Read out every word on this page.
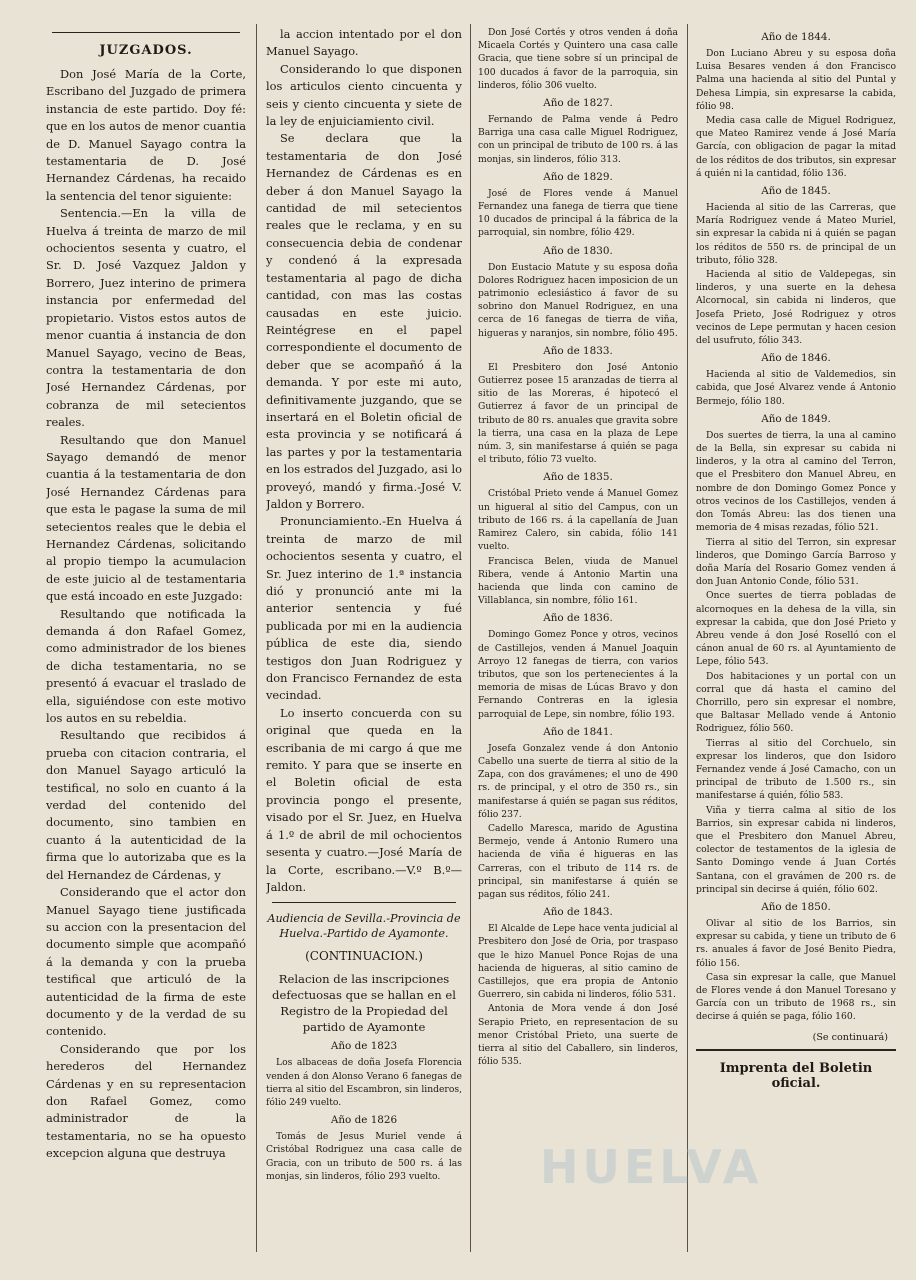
JUZGADOS.

Don José María de la Corte, Escribano del Juzgado de primera instancia de este partido. Doy fé: que en los autos de menor cuantia de D. Manuel Sayago contra la testamentaria de D. José Hernandez Cárdenas, ha recaido la sentencia del tenor siguiente:

Sentencia.—En la villa de Huelva á treinta de marzo de mil ochocientos sesenta y cuatro, el Sr. D. José Vazquez Jaldon y Borrero, Juez interino de primera instancia por enfermedad del propietario. Vistos estos autos de menor cuantia á instancia de don Manuel Sayago, vecino de Beas, contra la testamentaria de don José Hernandez Cárdenas, por cobranza de mil setecientos reales.

Resultando que don Manuel Sayago demandó de menor cuantia á la testamentaria de don José Hernandez Cárdenas para que esta le pagase la suma de mil setecientos reales que le debia el Hernandez Cárdenas, solicitando al propio tiempo la acumulacion de este juicio al de testamentaria que está incoado en este Juzgado:

Resultando que notificada la demanda á don Rafael Gomez, como administrador de los bienes de dicha testamentaria, no se presentó á evacuar el traslado de ella, siguiéndose con este motivo los autos en su rebeldia.

Resultando que recibidos á prueba con citacion contraria, el don Manuel Sayago articuló la testifical, no solo en cuanto á la verdad del contenido del documento, sino tambien en cuanto á la autenticidad de la firma que lo autorizaba que es la del Hernandez de Cárdenas, y

Considerando que el actor don Manuel Sayago tiene justificada su accion con la presentacion del documento simple que acompañó á la demanda y con la prueba testifical que articuló de la autenticidad de la firma de este documento y de la verdad de su contenido.

Considerando que por los herederos del Hernandez Cárdenas y en su representacion don Rafael Gomez, como administrador de la testamentaria, no se ha opuesto excepcion alguna que destruya

la accion intentado por el don Manuel Sayago.

Considerando lo que disponen los articulos ciento cincuenta y seis y ciento cincuenta y siete de la ley de enjuiciamiento civil.

Se declara que la testamentaria de don José Hernandez de Cárdenas es en deber á don Manuel Sayago la cantidad de mil setecientos reales que le reclama, y en su consecuencia debia de condenar y condenó á la expresada testamentaria al pago de dicha cantidad, con mas las costas causadas en este juicio. Reintégrese en el papel correspondiente el documento de deber que se acompañó á la demanda. Y por este mi auto, definitivamente juzgando, que se insertará en el Boletin oficial de esta provincia y se notificará á las partes y por la testamentaria en los estrados del Juzgado, asi lo proveyó, mandó y firma.-José V. Jaldon y Borrero.

Pronunciamiento.-En Huelva á treinta de marzo de mil ochocientos sesenta y cuatro, el Sr. Juez interino de 1.ª instancia dió y pronunció ante mi la anterior sentencia y fué publicada por mi en la audiencia pública de este dia, siendo testigos don Juan Rodriguez y don Francisco Fernandez de esta vecindad.

Lo inserto concuerda con su original que queda en la escribania de mi cargo á que me remito. Y para que se inserte en el Boletin oficial de esta provincia pongo el presente, visado por el Sr. Juez, en Huelva á 1.º de abril de mil ochocientos sesenta y cuatro.—José María de la Corte, escribano.—V.º B.º—Jaldon.

Audiencia de Sevilla.-Provincia de Huelva.-Partido de Ayamonte.
(CONTINUACION.)

Relacion de las inscripciones defectuosas que se hallan en el Registro de la Propiedad del partido de Ayamonte

Año de 1823

Los albaceas de doña Josefa Florencia venden á don Alonso Verano 6 fanegas de tierra al sitio del Escambron, sin linderos, fólio 249 vuelto.

Año de 1826

Tomás de Jesus Muriel vende á Cristóbal Rodriguez una casa calle de Gracia, con un tributo de 500 rs. á las monjas, sin linderos, fólio 293 vuelto.

Don José Cortés y otros venden á doña Micaela Cortés y Quintero una casa calle Gracia, que tiene sobre sí un principal de 100 ducados á favor de la parroquia, sin linderos, fólio 306 vuelto.

Año de 1827.

Fernando de Palma vende á Pedro Barriga una casa calle Miguel Rodriguez, con un principal de tributo de 100 rs. á las monjas, sin linderos, fólio 313.

Año de 1829.

José de Flores vende á Manuel Fernandez una fanega de tierra que tiene 10 ducados de principal á la fábrica de la parroquial, sin nombre, fólio 429.

Año de 1830.

Don Eustacio Matute y su esposa doña Dolores Rodriguez hacen imposicion de un patrimonio eclesiástico á favor de su sobrino don Manuel Rodriguez, en una cerca de 16 fanegas de tierra de viña, higueras y naranjos, sin nombre, fólio 495.

Año de 1833.

El Presbitero don José Antonio Gutierrez posee 15 aranzadas de tierra al sitio de las Moreras, é hipotecó el Gutierrez á favor de un principal de tributo de 80 rs. anuales que gravita sobre la tierra, una casa en la plaza de Lepe núm. 3, sin manifestarse á quién se paga el tributo, fólio 73 vuelto.

Año de 1835.

Cristóbal Prieto vende á Manuel Gomez un higueral al sitio del Campus, con un tributo de 166 rs. á la capellanía de Juan Ramirez Calero, sin cabida, fólio 141 vuelto.

Francisca Belen, viuda de Manuel Ribera, vende á Antonio Martin una hacienda que linda con camino de Villablanca, sin nombre, fólio 161.

Año de 1836.

Domingo Gomez Ponce y otros, vecinos de Castillejos, venden á Manuel Joaquin Arroyo 12 fanegas de tierra, con varios tributos, que son los pertenecientes á la memoria de misas de Lúcas Bravo y don Fernando Contreras en la iglesia parroquial de Lepe, sin nombre, fólio 193.

Año de 1841.

Josefa Gonzalez vende á don Antonio Cabello una suerte de tierra al sitio de la Zapa, con dos gravámenes; el uno de 490 rs. de principal, y el otro de 350 rs., sin manifestarse á quién se pagan sus réditos, fólio 237.

Cadello Maresca, marido de Agustina Bermejo, vende á Antonio Rumero una hacienda de viña é higueras en las Carreras, con el tributo de 114 rs. de principal, sin manifestarse á quién se pagan sus réditos, fólio 241.

Año de 1843.

El Alcalde de Lepe hace venta judicial al Presbitero don José de Oria, por traspaso que le hizo Manuel Ponce Rojas de una hacienda de higueras, al sitio camino de Castillejos, que era propia de Antonio Guerrero, sin cabida ni linderos, fólio 531.

Antonia de Mora vende á don José Serapio Prieto, en representacion de su menor Cristóbal Prieto, una suerte de tierra al sitio del Caballero, sin linderos, fólio 535.

Año de 1844.

Don Luciano Abreu y su esposa doña Luisa Besares venden á don Francisco Palma una hacienda al sitio del Puntal y Dehesa Limpia, sin expresarse la cabida, fólio 98.

Media casa calle de Miguel Rodriguez, que Mateo Ramirez vende á José María García, con obligacion de pagar la mitad de los réditos de dos tributos, sin expresar á quién ni la cantidad, fólio 136.

Año de 1845.

Hacienda al sitio de las Carreras, que María Rodriguez vende á Mateo Muriel, sin expresar la cabida ni á quién se pagan los réditos de 550 rs. de principal de un tributo, fólio 328.

Hacienda al sitio de Valdepegas, sin linderos, y una suerte en la dehesa Alcornocal, sin cabida ni linderos, que Josefa Prieto, José Rodriguez y otros vecinos de Lepe permutan y hacen cesion del usufruto, fólio 343.

Año de 1846.

Hacienda al sitio de Valdemedios, sin cabida, que José Alvarez vende á Antonio Bermejo, fólio 180.

Año de 1849.

Dos suertes de tierra, la una al camino de la Bella, sin expresar su cabida ni linderos, y la otra al camino del Terron, que el Presbitero don Manuel Abreu, en nombre de don Domingo Gomez Ponce y otros vecinos de los Castillejos, venden á don Tomás Abreu: las dos tienen una memoria de 4 misas rezadas, fólio 521.

Tierra al sitio del Terron, sin expresar linderos, que Domingo García Barroso y doña María del Rosario Gomez venden á don Juan Antonio Conde, fólio 531.

Once suertes de tierra pobladas de alcornoques en la dehesa de la villa, sin expresar la cabida, que don José Prieto y Abreu vende á don José Roselló con el cánon anual de 60 rs. al Ayuntamiento de Lepe, fólio 543.

Dos habitaciones y un portal con un corral que dá hasta el camino del Chorrillo, pero sin expresar el nombre, que Baltasar Mellado vende á Antonio Rodriguez, fólio 560.

Tierras al sitio del Corchuelo, sin expresar los linderos, que don Isidoro Fernandez vende á José Camacho, con un principal de tributo de 1.500 rs., sin manifestarse á quién, fólio 583.

Viña y tierra calma al sitio de los Barrios, sin expresar cabida ni linderos, que el Presbitero don Manuel Abreu, colector de testamentos de la iglesia de Santo Domingo vende á Juan Cortés Santana, con el gravámen de 200 rs. de principal sin decirse á quién, fólio 602.

Año de 1850.

Olivar al sitio de los Barrios, sin expresar su cabida, y tiene un tributo de 6 rs. anuales á favor de José Benito Piedra, fólio 156.

Casa sin expresar la calle, que Manuel de Flores vende á don Manuel Toresano y García con un tributo de 1968 rs., sin decirse á quién se paga, fólio 160.

(Se continuará)
Imprenta del Boletin oficial.
HUELVA
